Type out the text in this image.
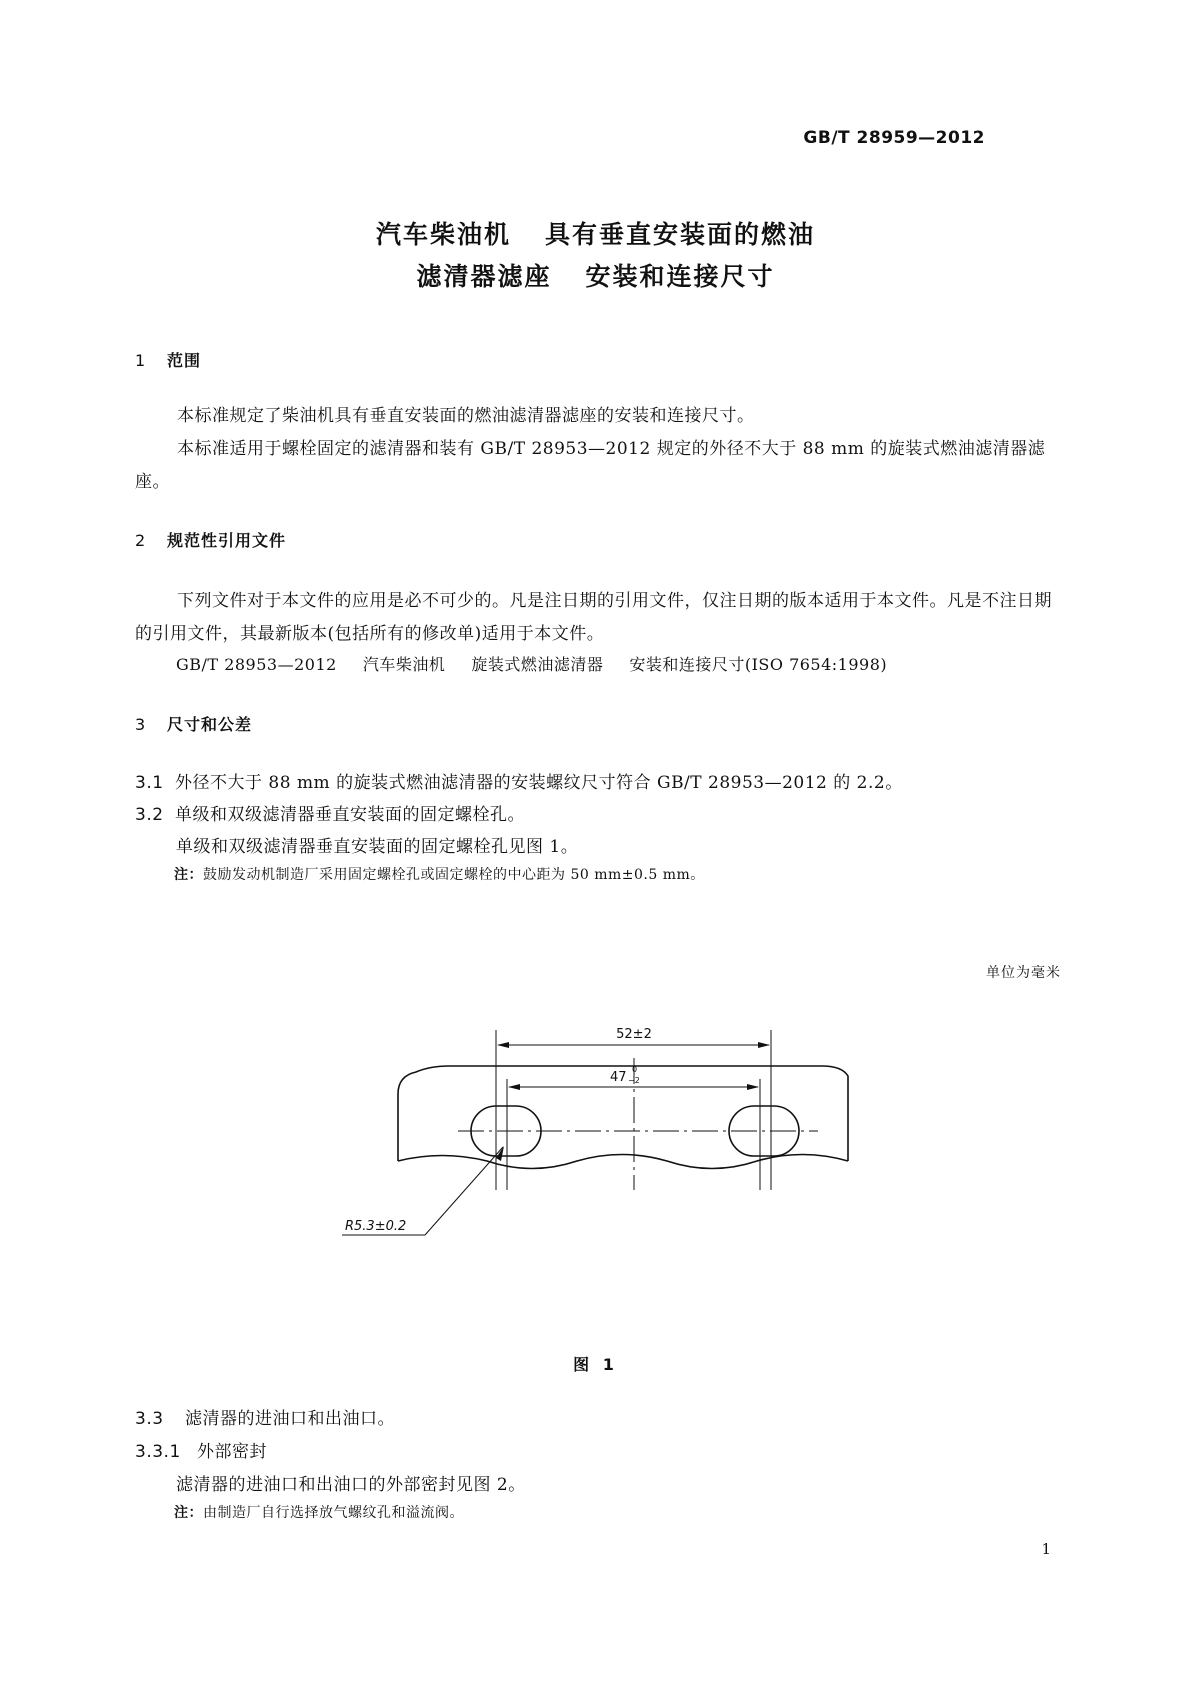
GB/T 28959—2012
汽车柴油机 具有垂直安装面的燃油
滤清器滤座 安装和连接尺寸
1 范围
本标准规定了柴油机具有垂直安装面的燃油滤清器滤座的安装和连接尺寸。
本标准适用于螺栓固定的滤清器和装有 GB/T 28953—2012 规定的外径不大于 88 mm 的旋装式燃油滤清器滤座。
2 规范性引用文件
下列文件对于本文件的应用是必不可少的。凡是注日期的引用文件，仅注日期的版本适用于本文件。凡是不注日期的引用文件，其最新版本(包括所有的修改单)适用于本文件。
GB/T 28953—2012 汽车柴油机 旋装式燃油滤清器 安装和连接尺寸(ISO 7654:1998)
3 尺寸和公差
3.1 外径不大于 88 mm 的旋装式燃油滤清器的安装螺纹尺寸符合 GB/T 28953—2012 的 2.2。
3.2 单级和双级滤清器垂直安装面的固定螺栓孔。
单级和双级滤清器垂直安装面的固定螺栓孔见图 1。
注：鼓励发动机制造厂采用固定螺栓孔或固定螺栓的中心距为 50 mm±0.5 mm。
单位为毫米
52±2
47
0
−2
R5.3±0.2
图 1
3.3 滤清器的进油口和出油口。
3.3.1 外部密封
滤清器的进油口和出油口的外部密封见图 2。
注：由制造厂自行选择放气螺纹孔和溢流阀。
1
